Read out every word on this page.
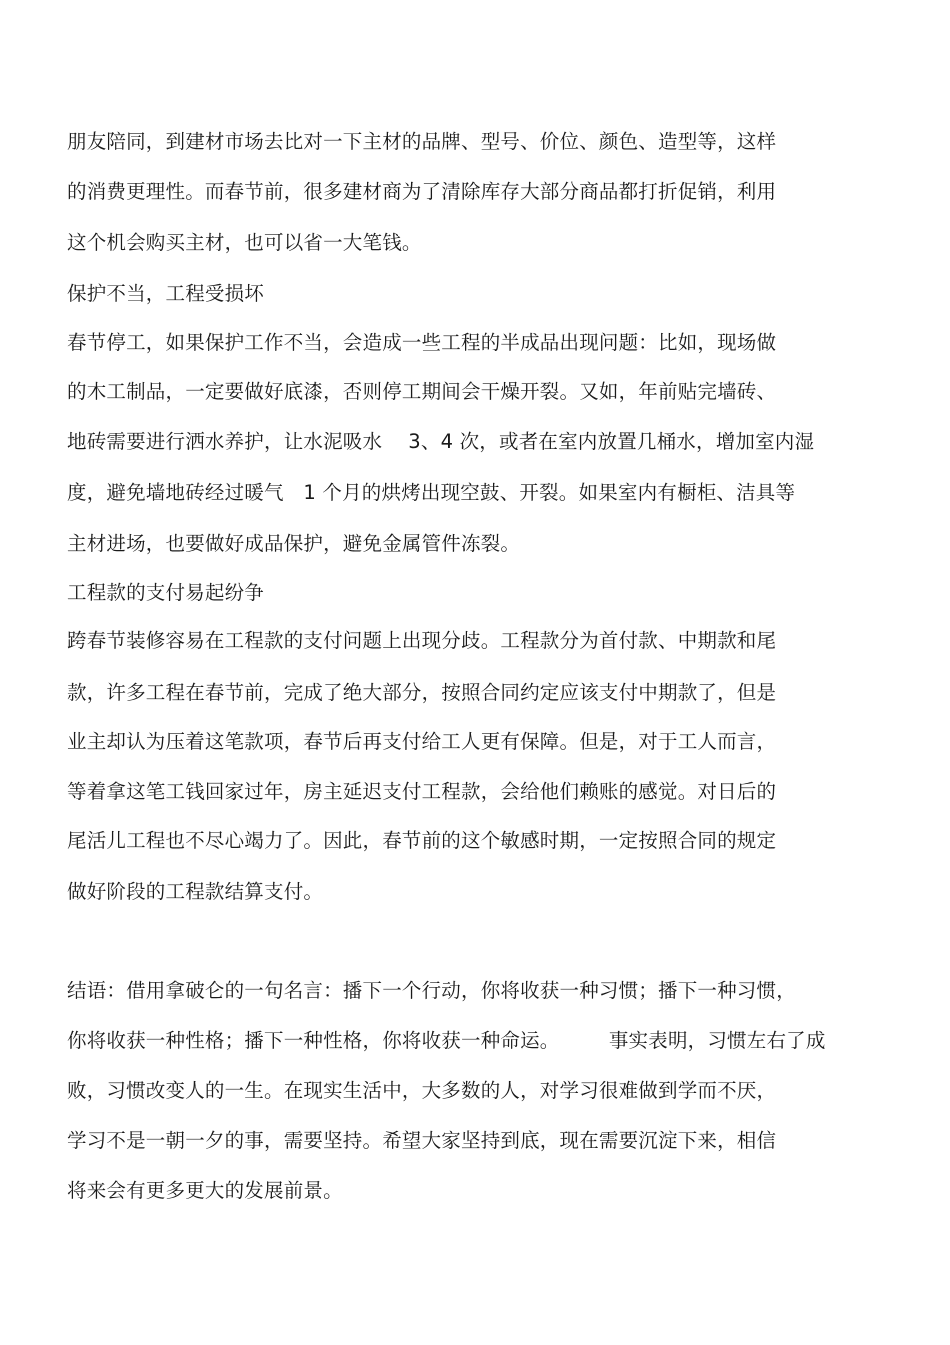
朋友陪同，到建材市场去比对一下主材的品牌、型号、价位、颜色、造型等，这样
的消费更理性。而春节前，很多建材商为了清除库存大部分商品都打折促销，利用
这个机会购买主材，也可以省一大笔钱。
保护不当，工程受损坏
春节停工，如果保护工作不当，会造成一些工程的半成品出现问题：比如，现场做
的木工制品，一定要做好底漆，否则停工期间会干燥开裂。又如，年前贴完墙砖、
地砖需要进行洒水养护，让水泥吸水　 3、4 次，或者在室内放置几桶水，增加室内湿
度，避免墙地砖经过暖气　1 个月的烘烤出现空鼓、开裂。如果室内有橱柜、洁具等
主材进场，也要做好成品保护，避免金属管件冻裂。
工程款的支付易起纷争
跨春节装修容易在工程款的支付问题上出现分歧。工程款分为首付款、中期款和尾
款，许多工程在春节前，完成了绝大部分，按照合同约定应该支付中期款了，但是
业主却认为压着这笔款项，春节后再支付给工人更有保障。但是，对于工人而言，
等着拿这笔工钱回家过年，房主延迟支付工程款，会给他们赖账的感觉。对日后的
尾活儿工程也不尽心竭力了。因此，春节前的这个敏感时期，一定按照合同的规定
做好阶段的工程款结算支付。
结语：借用拿破仑的一句名言：播下一个行动，你将收获一种习惯；播下一种习惯，
你将收获一种性格；播下一种性格，你将收获一种命运。　　　事实表明，习惯左右了成
败，习惯改变人的一生。在现实生活中，大多数的人，对学习很难做到学而不厌，
学习不是一朝一夕的事，需要坚持。希望大家坚持到底，现在需要沉淀下来，相信
将来会有更多更大的发展前景。
